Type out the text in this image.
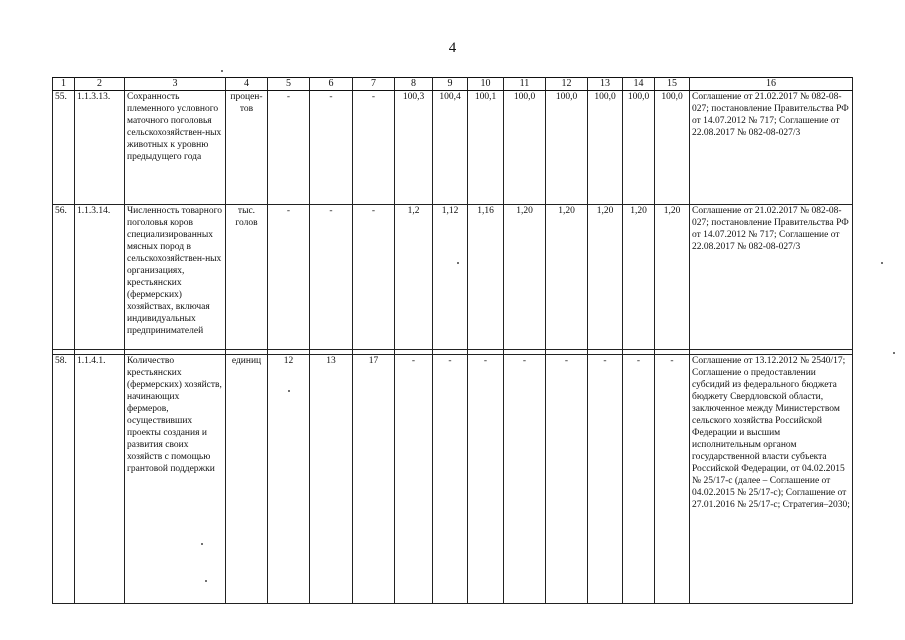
4
1	2	3	4	5	6	7	8	9	10	11	12	13	14	15	16
55.	1.1.3.13.	Сохранность племенного условного маточного поголовья сельскохозяйствен-ных животных к уровню предыдущего года	процен-тов	-	-	-	100,3	100,4	100,1	100,0	100,0	100,0	100,0	100,0	Соглашение от 21.02.2017 № 082-08-027; постановление Правительства РФ от 14.07.2012 № 717; Соглашение от 22.08.2017 № 082-08-027/3
56.	1.1.3.14.	Численность товарного поголовья коров специализированных мясных пород в сельскохозяйствен-ных организациях, крестьянских (фермерских) хозяйствах, включая индивидуальных предпринимателей	тыс. голов	-	-	-	1,2	1,12	1,16	1,20	1,20	1,20	1,20	1,20	Соглашение от 21.02.2017 № 082-08-027; постановление Правительства РФ от 14.07.2012 № 717; Соглашение от 22.08.2017 № 082-08-027/3

58.	1.1.4.1.	Количество крестьянских (фермерских) хозяйств, начинающих фермеров, осуществивших проекты создания и развития своих хозяйств с помощью грантовой поддержки	единиц	12	13	17	-	-	-	-	-	-	-	-	Соглашение от 13.12.2012 № 2540/17; Соглашение о предоставлении субсидий из федерального бюджета бюджету Свердловской области, заключенное между Министерством сельского хозяйства Российской Федерации и высшим исполнительным органом государственной власти субъекта Российской Федерации, от 04.02.2015 № 25/17-с (далее – Соглашение от 04.02.2015 № 25/17-с); Соглашение от 27.01.2016 № 25/17-с; Стратегия–2030;
